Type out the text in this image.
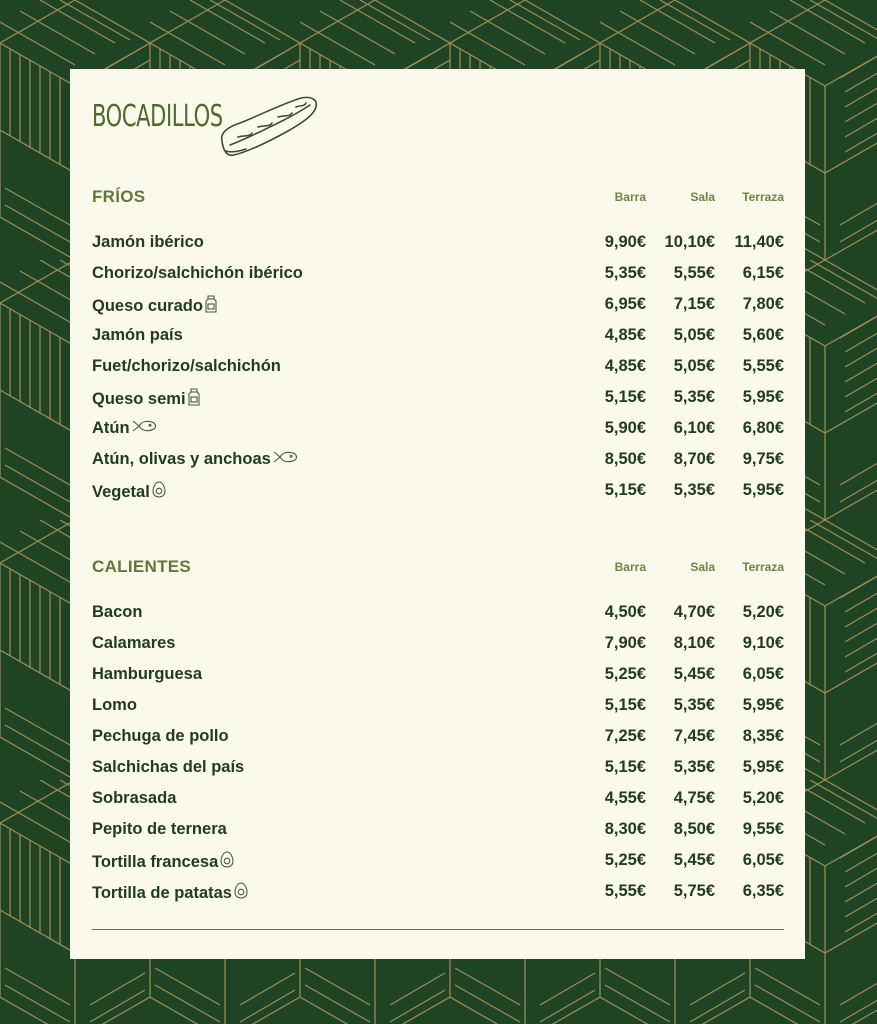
BOCADILLOS
FRÍOS	Barra	Sala	Terraza
Jamón ibérico	9,90€	10,10€	11,40€
Chorizo/salchichón ibérico	5,35€	5,55€	6,15€
Queso curado	6,95€	7,15€	7,80€
Jamón país	4,85€	5,05€	5,60€
Fuet/chorizo/salchichón	4,85€	5,05€	5,55€
Queso semi	5,15€	5,35€	5,95€
Atún	5,90€	6,10€	6,80€
Atún, olivas y anchoas	8,50€	8,70€	9,75€
Vegetal	5,15€	5,35€	5,95€
CALIENTES	Barra	Sala	Terraza
Bacon	4,50€	4,70€	5,20€
Calamares	7,90€	8,10€	9,10€
Hamburguesa	5,25€	5,45€	6,05€
Lomo	5,15€	5,35€	5,95€
Pechuga de pollo	7,25€	7,45€	8,35€
Salchichas del país	5,15€	5,35€	5,95€
Sobrasada	4,55€	4,75€	5,20€
Pepito de ternera	8,30€	8,50€	9,55€
Tortilla francesa	5,25€	5,45€	6,05€
Tortilla de patatas	5,55€	5,75€	6,35€
